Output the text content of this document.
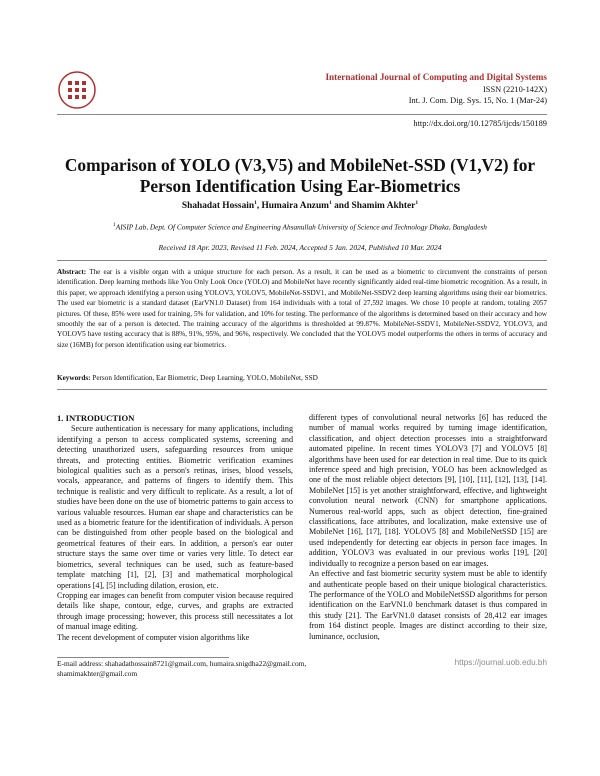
International Journal of Computing and Digital Systems
ISSN (2210-142X)
Int. J. Com. Dig. Sys. 15, No. 1 (Mar-24)
http://dx.doi.org/10.12785/ijcds/150189
Comparison of YOLO (V3,V5) and MobileNet-SSD (V1,V2) for
Person Identification Using Ear-Biometrics
Shahadat Hossain$^1$, Humaira Anzum$^1$ and Shamim Akhter$^1$
$^1$AISIP Lab, Dept. Of Computer Science and Engineering Ahsanullah University of Science and Technology Dhaka, Bangladesh
Received 18 Apr. 2023, Revised 11 Feb. 2024, Accepted 5 Jan. 2024, Published 10 Mar. 2024
Abstract: The ear is a visible organ with a unique structure for each person. As a result, it can be used as a biometric to circumvent the constraints of person identification. Deep learning methods like You Only Look Once (YOLO) and MobileNet have recently significantly aided real-time biometric recognition. As a result, in this paper, we approach identifying a person using YOLOV3, YOLOV5, MobileNet-SSDV1, and MobileNet-SSDV2 deep learning algorithms using their ear biometrics. The used ear biometric is a standard dataset (EarVN1.0 Dataset) from 164 individuals with a total of 27,592 images. We chose 10 people at random, totaling 2057 pictures. Of these, 85% were used for training, 5% for validation, and 10% for testing. The performance of the algorithms is determined based on their accuracy and how smoothly the ear of a person is detected. The training accuracy of the algorithms is thresholded at 99.87%. MobileNet-SSDV1, MobileNet-SSDV2, YOLOV3, and YOLOV5 have testing accuracy that is 88%, 91%, 95%, and 96%, respectively. We concluded that the YOLOV5 model outperforms the others in terms of accuracy and size (16MB) for person identification using ear biometrics.
Keywords: Person Identification, Ear Biometric, Deep Learning, YOLO, MobileNet, SSD
1. INTRODUCTION

Secure authentication is necessary for many applications, including identifying a person to access complicated systems, screening and detecting unauthorized users, safeguarding resources from unique threats, and protecting entities. Biometric verification examines biological qualities such as a person's retinas, irises, blood vessels, vocals, appearance, and patterns of fingers to identify them. This technique is realistic and very difficult to replicate. As a result, a lot of studies have been done on the use of biometric patterns to gain access to various valuable resources. Human ear shape and characteristics can be used as a biometric feature for the identification of individuals. A person can be distinguished from other people based on the biological and geometrical features of their ears. In addition, a person's ear outer structure stays the same over time or varies very little. To detect ear biometrics, several techniques can be used, such as feature-based template matching [1], [2], [3] and mathematical morphological operations [4], [5] including dilation, erosion, etc.

Cropping ear images can benefit from computer vision because required details like shape, contour, edge, curves, and graphs are extracted through image processing; however, this process still necessitates a lot of manual image editing.

The recent development of computer vision algorithms like

different types of convolutional neural networks [6] has reduced the number of manual works required by turning image identification, classification, and object detection processes into a straightforward automated pipeline. In recent times YOLOV3 [7] and YOLOV5 [8] algorithms have been used for ear detection in real time. Due to its quick inference speed and high precision, YOLO has been acknowledged as one of the most reliable object detectors [9], [10], [11], [12], [13], [14]. MobileNet [15] is yet another straightforward, effective, and lightweight convolution neural network (CNN) for smartphone applications. Numerous real-world apps, such as object detection, fine-grained classifications, face attributes, and localization, make extensive use of MobileNet [16], [17], [18]. YOLOV5 [8] and MobileNetSSD [15] are used independently for detecting ear objects in person face images. In addition, YOLOV3 was evaluated in our previous works [19], [20] individually to recognize a person based on ear images.

An effective and fast biometric security system must be able to identify and authenticate people based on their unique biological characteristics. The performance of the YOLO and MobileNetSSD algorithms for person identification on the EarVN1.0 benchmark dataset is thus compared in this study [21]. The EarVN1.0 dataset consists of 28,412 ear images from 164 distinct people. Images are distinct according to their size, luminance, occlusion,

E-mail address: shahadathossain8721@gmail.com, humaira.snigdha22@gmail.com, shamimakhter@gmail.com
https://journal.uob.edu.bh
